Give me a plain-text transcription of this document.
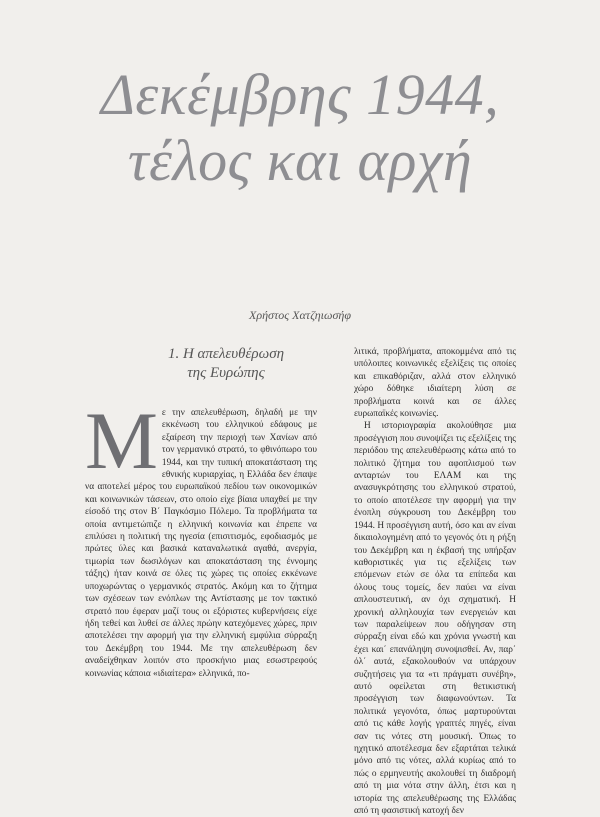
Δεκέμβρης 1944,
τέλος και αρχή
Χρήστος Χατζηιωσήφ
1. Η απελευθέρωση
της Ευρώπης

Με την απελευθέρωση, δηλαδή με την εκκένωση του ελληνικού εδάφους με εξαίρεση την περιοχή των Χανίων από τον γερμανικό στρατό, το φθινόπωρο του 1944, και την τυπική αποκατάσταση της εθνικής κυριαρχίας, η Ελλάδα δεν έπαψε να αποτελεί μέρος του ευρωπαϊκού πεδίου των οικονομικών και κοινωνικών τάσεων, στο οποίο είχε βίαια υπαχθεί με την είσοδό της στον Β΄ Παγκόσμιο Πόλεμο. Τα προβλήματα τα οποία αντιμετώπιζε η ελληνική κοινωνία και έπρεπε να επιλύσει η πολιτική της ηγεσία (επισιτισμός, εφοδιασμός με πρώτες ύλες και βασικά καταναλωτικά αγαθά, ανεργία, τιμωρία των δωσιλόγων και αποκατάσταση της έννομης τάξης) ήταν κοινά σε όλες τις χώρες τις οποίες εκκένωνε υποχωρώντας ο γερμανικός στρατός. Ακόμη και το ζήτημα των σχέσεων των ενόπλων της Αντίστασης με τον τακτικό στρατό που έφεραν μαζί τους οι εξόριστες κυβερνήσεις είχε ήδη τεθεί και λυθεί σε άλλες πρώην κατεχόμενες χώρες, πριν αποτελέσει την αφορμή για την ελληνική εμφύλια σύρραξη του Δεκέμβρη του 1944. Με την απελευθέρωση δεν αναδείχθηκαν λοιπόν στο προσκήνιο μιας εσωστρεφούς κοινωνίας κάποια «ιδιαίτερα» ελληνικά, πο-

λιτικά, προβλήματα, αποκομμένα από τις υπόλοιπες κοινωνικές εξελίξεις τις οποίες και επικαθόριζαν, αλλά στον ελληνικό χώρο δόθηκε ιδιαίτερη λύση σε προβλήματα κοινά και σε άλλες ευρωπαϊκές κοινωνίες.

Η ιστοριογραφία ακολούθησε μια προσέγγιση που συνοψίζει τις εξελίξεις της περιόδου της απελευθέρωσης κάτω από το πολιτικό ζήτημα του αφοπλισμού των ανταρτών του ΕΛΑΜ και της ανασυγκρότησης του ελληνικού στρατού, το οποίο αποτέλεσε την αφορμή για την ένοπλη σύγκρουση του Δεκέμβρη του 1944. Η προσέγγιση αυτή, όσο και αν είναι δικαιολογημένη από το γεγονός ότι η ρήξη του Δεκέμβρη και η έκβασή της υπήρξαν καθοριστικές για τις εξελίξεις των επόμενων ετών σε όλα τα επίπεδα και όλους τους τομείς, δεν παύει να είναι απλουστευτική, αν όχι σχηματική. Η χρονική αλληλουχία των ενεργειών και των παραλείψεων που οδήγησαν στη σύρραξη είναι εδώ και χρόνια γνωστή και έχει και΄ επανάληψη συνοψισθεί. Αν, παρ΄ όλ΄ αυτά, εξακολουθούν να υπάρχουν συζητήσεις για τα «τι πράγματι συνέβη», αυτό οφείλεται στη θετικιστική προσέγγιση των διαφωνούντων. Τα πολιτικά γεγονότα, όπως μαρτυρούνται από τις κάθε λογής γραπτές πηγές, είναι σαν τις νότες στη μουσική. Όπως το ηχητικό αποτέλεσμα δεν εξαρτάται τελικά μόνο από τις νότες, αλλά κυρίως από το πώς ο ερμηνευτής ακολουθεί τη διαδρομή από τη μια νότα στην άλλη, έτσι και η ιστορία της απελευθέρωσης της Ελλάδας από τη φασιστική κατοχή δεν
